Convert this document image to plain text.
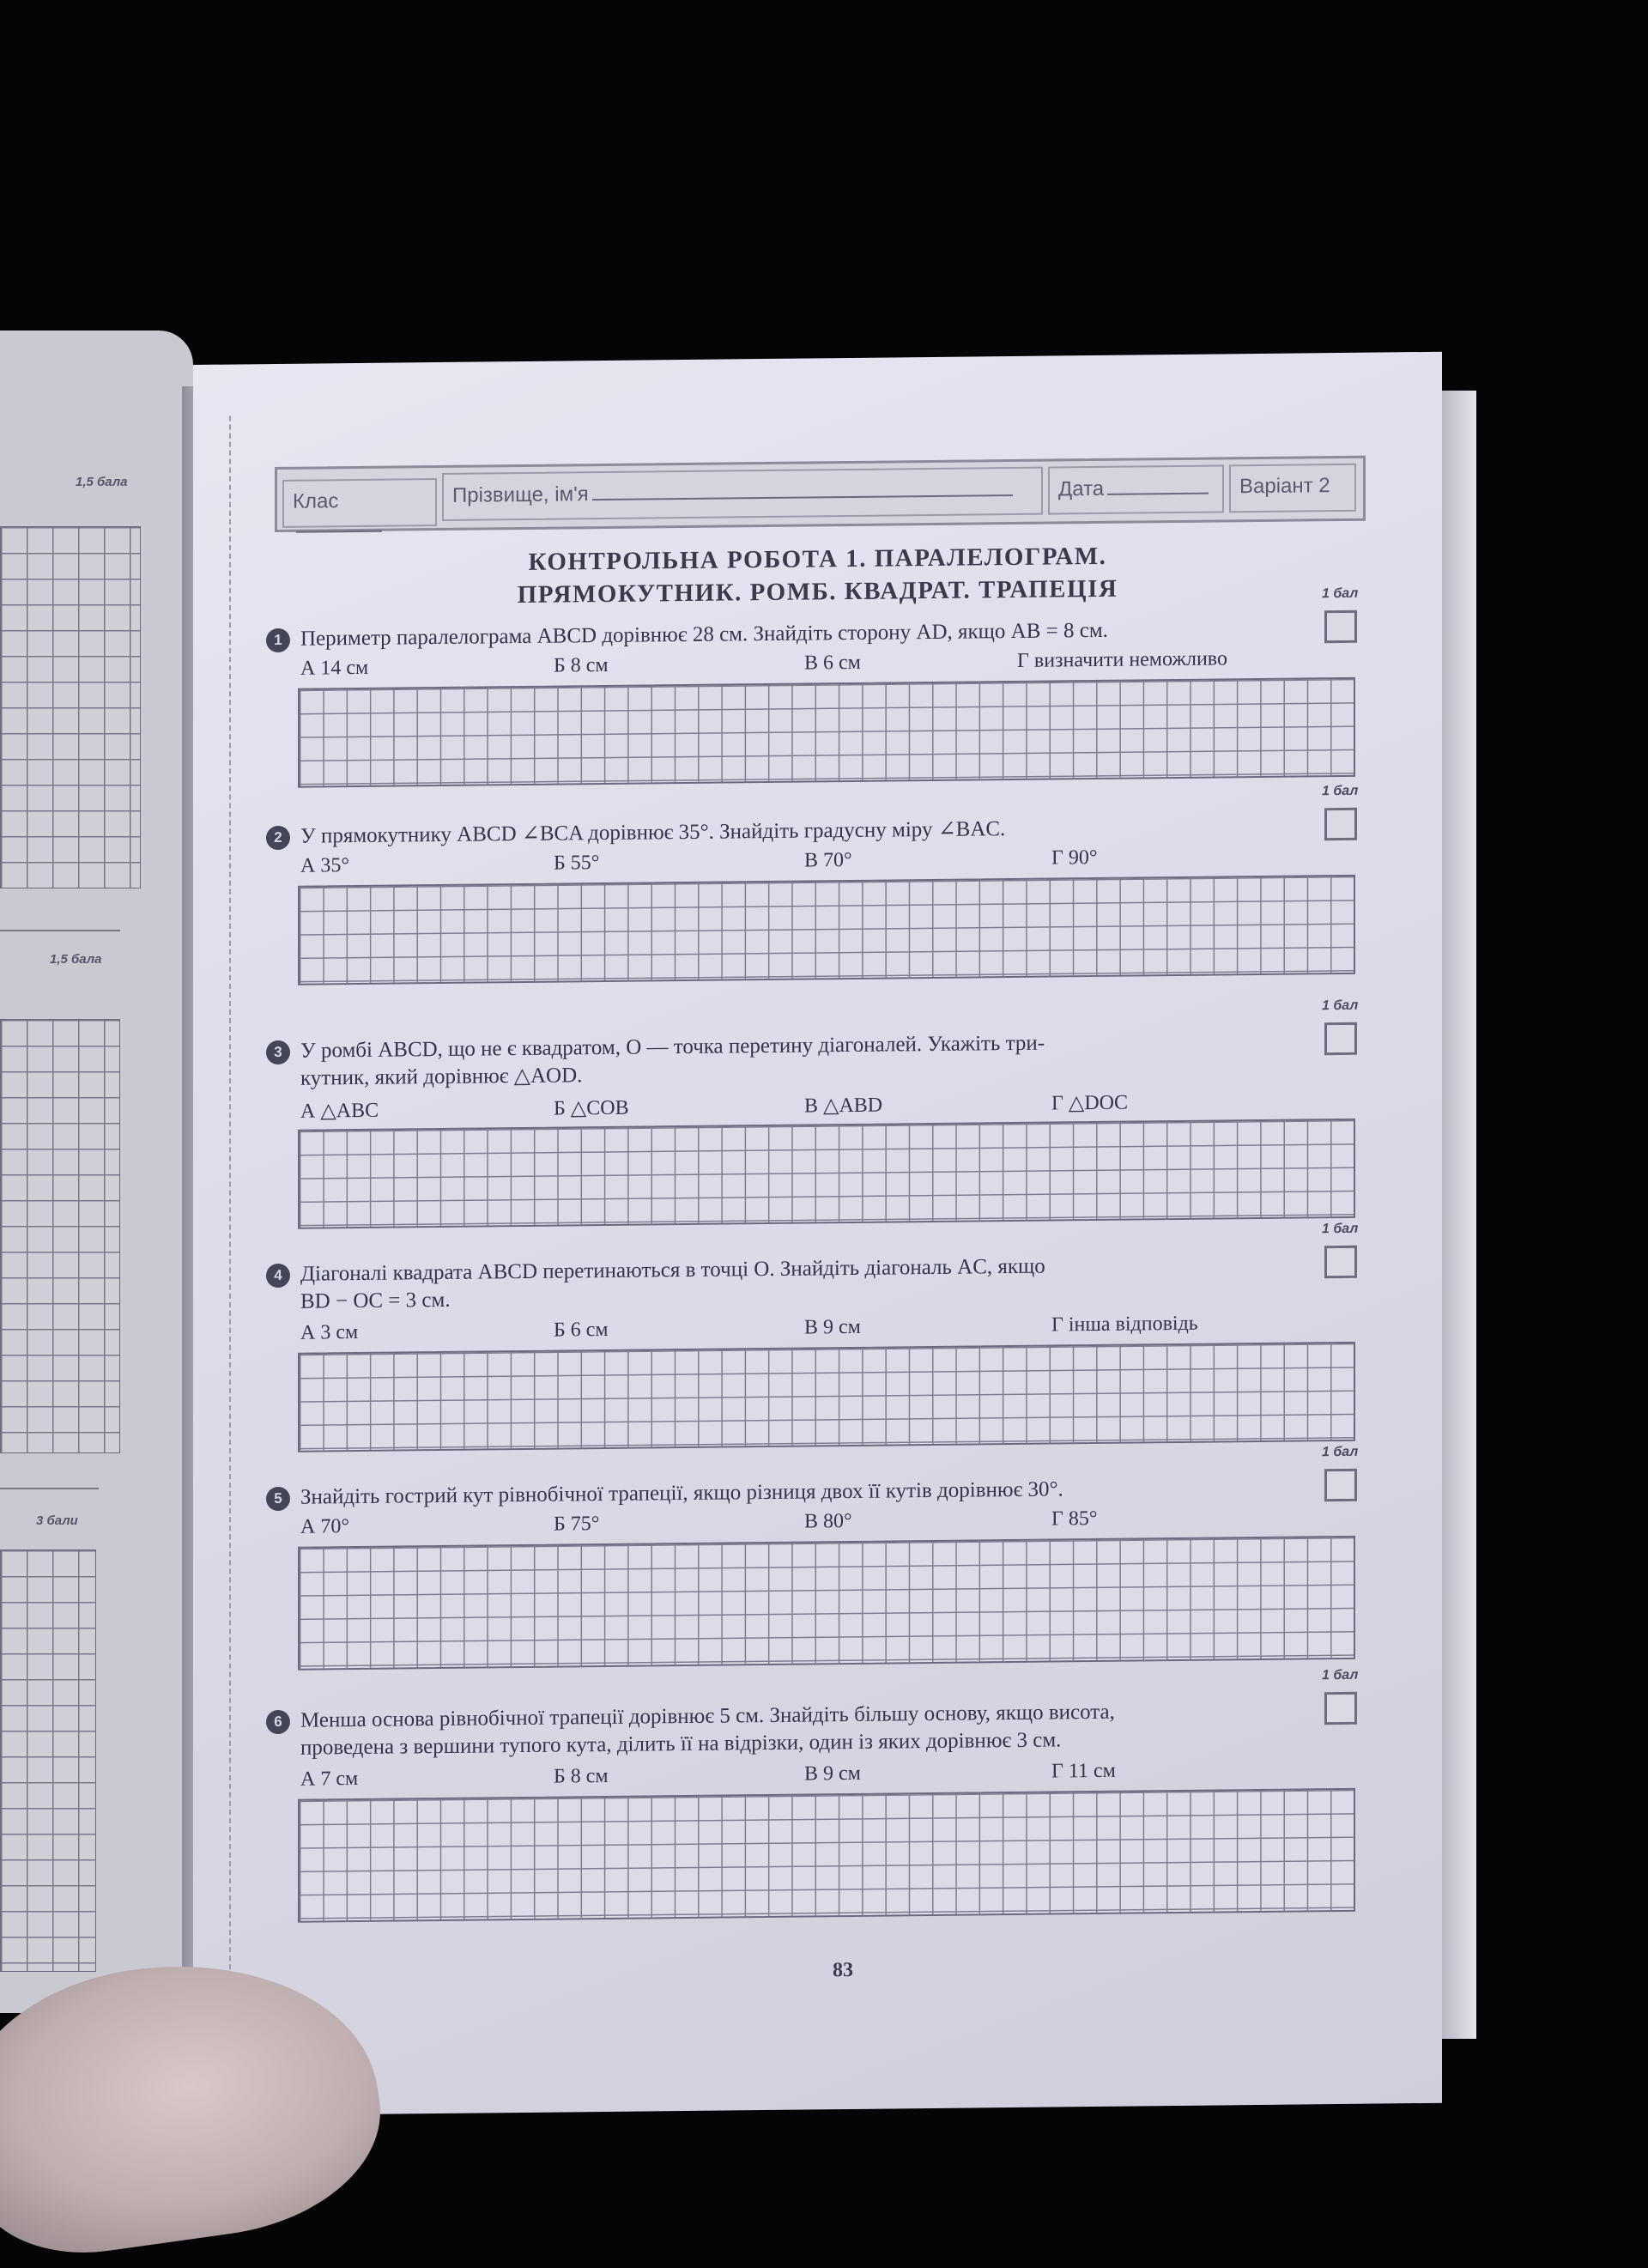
1,5 бала
1,5 бала
3 бали
Клас	Прізвище, ім'я	Дата	Варіант 2
КОНТРОЛЬНА РОБОТА 1. ПАРАЛЕЛОГРАМ.
ПРЯМОКУТНИК. РОМБ. КВАДРАТ. ТРАПЕЦІЯ
1 Периметр паралелограма ABCD дорівнює 28 см. Знайдіть сторону AD, якщо AB = 8 см.
А 14 см	Б 8 см	В 6 см	Г визначити неможливо
1 бал
2 У прямокутнику ABCD ∠BCA дорівнює 35°. Знайдіть градусну міру ∠BAC.
А 35°	Б 55°	В 70°	Г 90°
1 бал
3 У ромбі ABCD, що не є квадратом, O — точка перетину діагоналей. Укажіть три-
кутник, який дорівнює △AOD.
А △ABC	Б △COB	В △ABD	Г △DOC
1 бал
4 Діагоналі квадрата ABCD перетинаються в точці O. Знайдіть діагональ AC, якщо
BD − OC = 3 см.
А 3 см	Б 6 см	В 9 см	Г інша відповідь
1 бал
5 Знайдіть гострий кут рівнобічної трапеції, якщо різниця двох її кутів дорівнює 30°.
А 70°	Б 75°	В 80°	Г 85°
1 бал
6 Менша основа рівнобічної трапеції дорівнює 5 см. Знайдіть більшу основу, якщо висота,
проведена з вершини тупого кута, ділить її на відрізки, один із яких дорівнює 3 см.
А 7 см	Б 8 см	В 9 см	Г 11 см
1 бал
83
